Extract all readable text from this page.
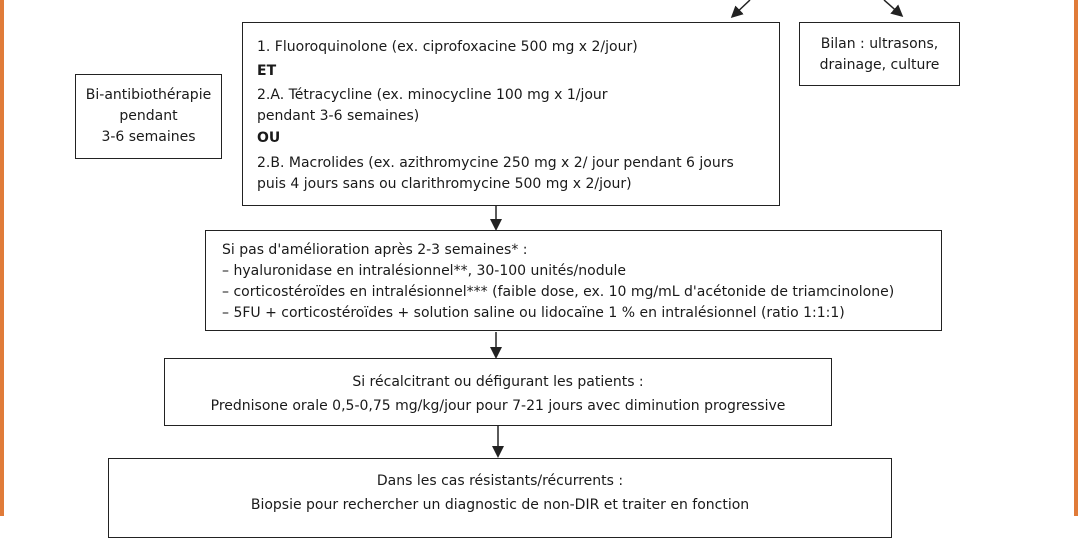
Bi-antibiothérapie
pendant
3-6 semaines
1. Fluoroquinolone (ex. ciprofoxacine 500 mg x 2/jour)
ET
2.A. Tétracycline (ex. minocycline 100 mg x 1/jour
pendant 3-6 semaines)
OU
2.B. Macrolides (ex. azithromycine 250 mg x 2/ jour pendant 6 jours
puis 4 jours sans ou clarithromycine 500 mg x 2/jour)
Bilan : ultrasons,
drainage, culture
Si pas d'amélioration après 2-3 semaines* :
– hyaluronidase en intralésionnel**, 30-100 unités/nodule
– corticostéroïdes en intralésionnel*** (faible dose, ex. 10 mg/mL d'acétonide de triamcinolone)
– 5FU + corticostéroïdes + solution saline ou lidocaïne 1 % en intralésionnel (ratio 1:1:1)
Si récalcitrant ou défigurant les patients :
Prednisone orale 0,5-0,75 mg/kg/jour pour 7-21 jours avec diminution progressive
Dans les cas résistants/récurrents :
Biopsie pour rechercher un diagnostic de non-DIR et traiter en fonction
